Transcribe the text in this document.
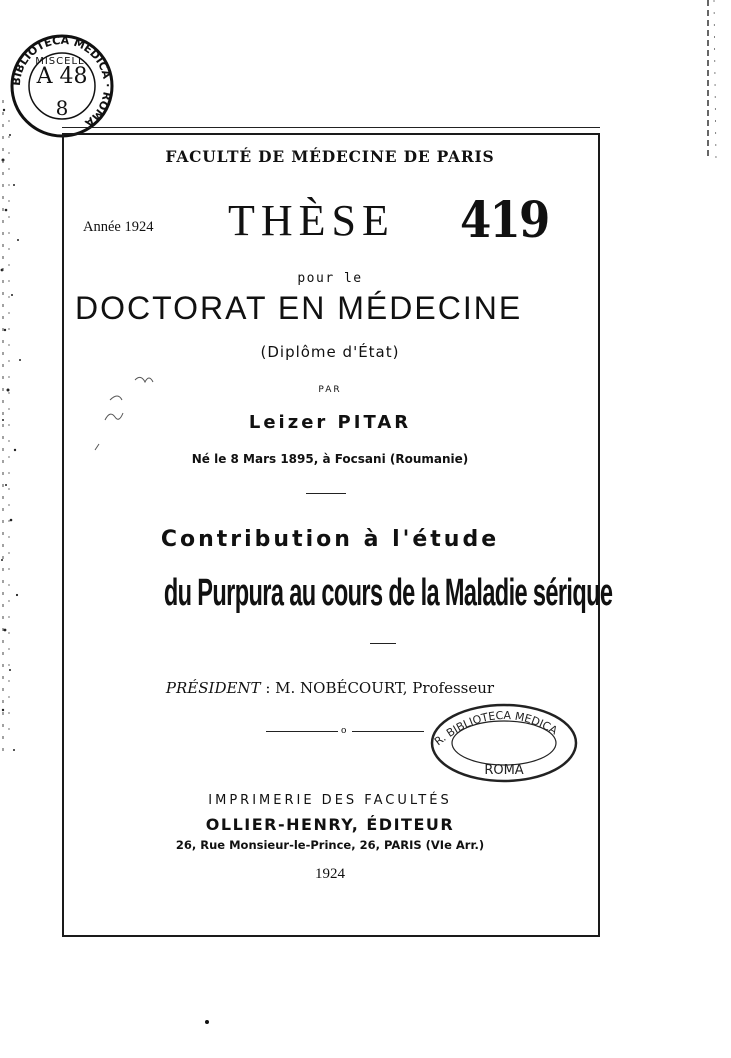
BIBLIOTECA MEDICA · ROMA
MISCELL.
A 48
8
FACULTÉ DE MÉDECINE DE PARIS
Année 1924 THÈSE 419
pour le
DOCTORAT EN MÉDECINE
(Diplôme d'État)
PAR
Leizer PITAR
Né le 8 Mars 1895, à Focsani (Roumanie)
Contribution à l'étude
du Purpura au cours de la Maladie sérique
PRÉSIDENT : M. NOBÉCOURT, Professeur
o
R. BIBLIOTECA MEDICA
ROMA
IMPRIMERIE DES FACULTÉS
OLLIER-HENRY, ÉDITEUR
26, Rue Monsieur-le-Prince, 26, PARIS (VIe Arr.)
1924
